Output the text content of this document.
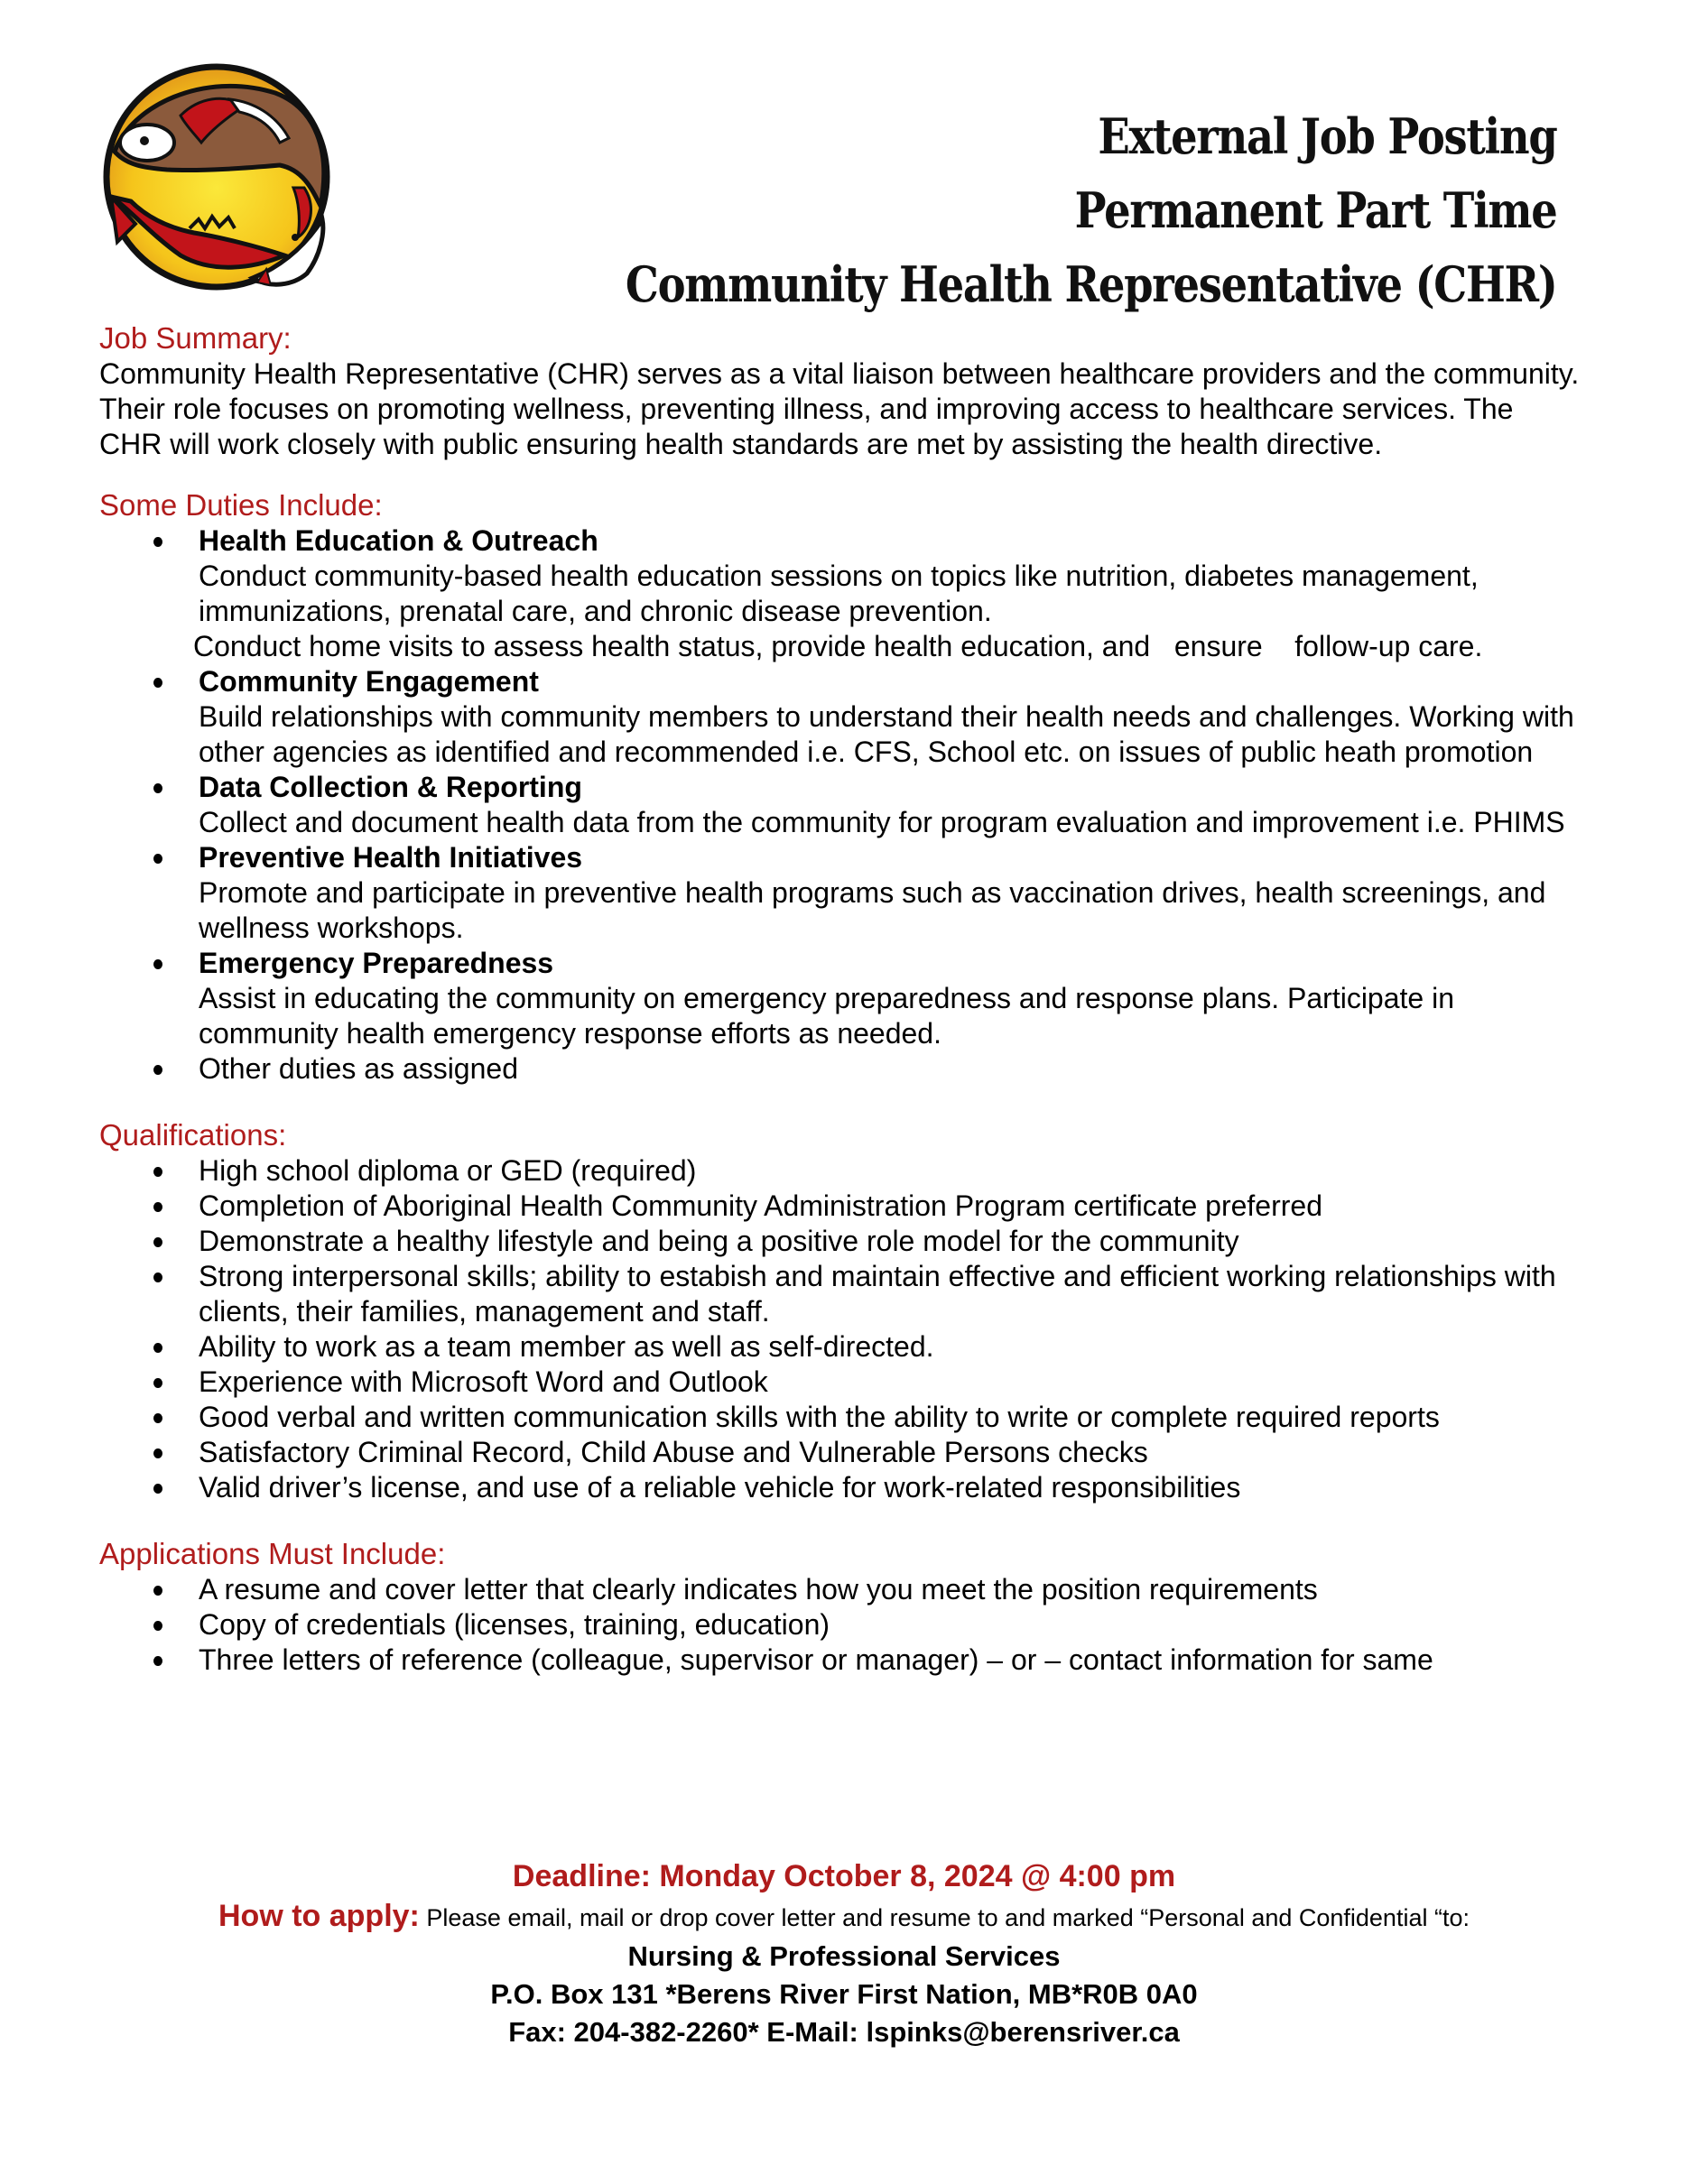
External Job Posting
Permanent Part Time
Community Health Representative (CHR)
Job Summary:

Community Health Representative (CHR) serves as a vital liaison between healthcare providers and the community. Their role focuses on promoting wellness, preventing illness, and improving access to healthcare services. The CHR will work closely with public ensuring health standards are met by assisting the health directive.

Some Duties Include:
Health Education & Outreach
Conduct community-based health education sessions on topics like nutrition, diabetes management, immunizations, prenatal care, and chronic disease prevention.
Conduct home visits to assess health status, provide health education, and   ensure    follow-up care.
Community Engagement
Build relationships with community members to understand their health needs and challenges. Working with other agencies as identified and recommended i.e. CFS, School etc. on issues of public heath promotion
Data Collection & Reporting
Collect and document health data from the community for program evaluation and improvement i.e. PHIMS
Preventive Health Initiatives
Promote and participate in preventive health programs such as vaccination drives, health screenings, and wellness workshops.
Emergency Preparedness
Assist in educating the community on emergency preparedness and response plans. Participate in community health emergency response efforts as needed.
Other duties as assigned
Qualifications:
High school diploma or GED (required)
Completion of Aboriginal Health Community Administration Program certificate preferred
Demonstrate a healthy lifestyle and being a positive role model for the community
Strong interpersonal skills; ability to estabish and maintain effective and efficient working relationships with clients, their families, management and staff.
Ability to work as a team member as well as self-directed.
Experience with Microsoft Word and Outlook
Good verbal and written communication skills with the ability to write or complete required reports
Satisfactory Criminal Record, Child Abuse and Vulnerable Persons checks
Valid driver’s license, and use of a reliable vehicle for work-related responsibilities
Applications Must Include:
A resume and cover letter that clearly indicates how you meet the position requirements
Copy of credentials (licenses, training, education)
Three letters of reference (colleague, supervisor or manager) – or – contact information for same
Deadline: Monday October 8, 2024 @ 4:00 pm
How to apply: Please email, mail or drop cover letter and resume to and marked “Personal and Confidential “to:
Nursing & Professional Services
P.O. Box 131 *Berens River First Nation, MB*R0B 0A0
Fax: 204-382-2260* E-Mail: lspinks@berensriver.ca
